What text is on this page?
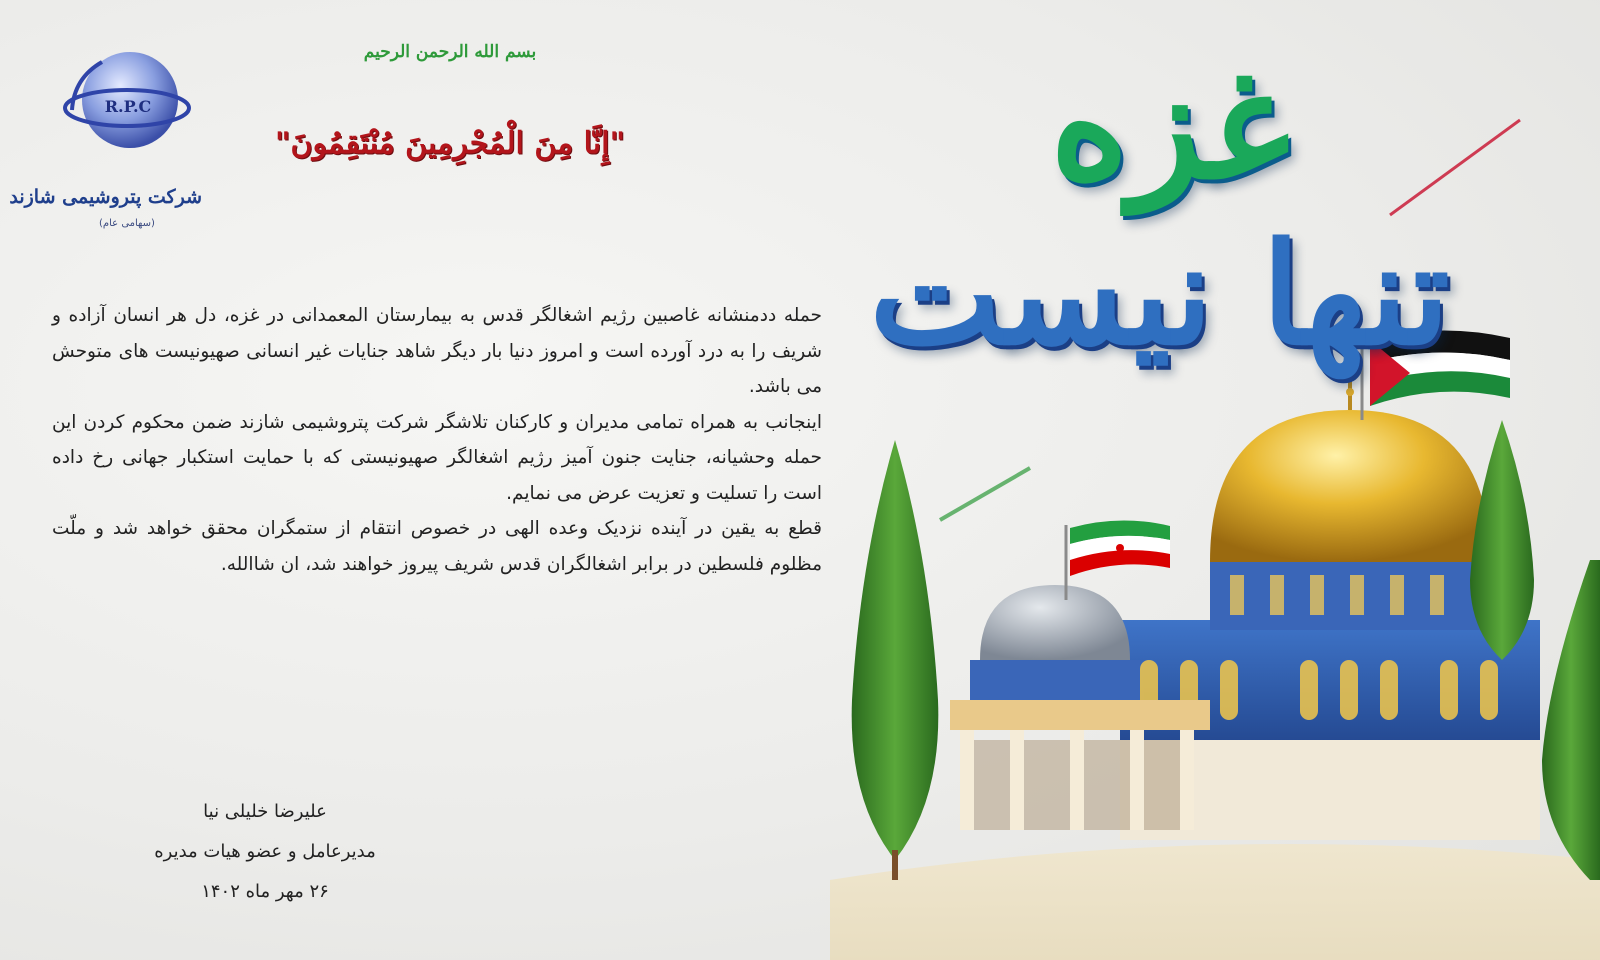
R.P.C
شرکت پتروشیمی شازند
(سهامی عام)
بسم الله الرحمن الرحیم
"إِنَّا مِنَ الْمُجْرِمِينَ مُنْتَقِمُونَ"

حمله ددمنشانه غاصبین رژیم اشغالگر قدس به بیمارستان المعمدانی در غزه، دل هر انسان آزاده و شریف را به درد آورده است و امروز دنیا بار دیگر شاهد جنایات غیر انسانی صهیونیست های متوحش می باشد.

اینجانب به همراه تمامی مدیران و کارکنان تلاشگر شرکت پتروشیمی شازند ضمن محکوم کردن این حمله وحشیانه، جنایت جنون آمیز رژیم اشغالگر صهیونیستی که با حمایت استکبار جهانی رخ داده است را تسلیت و تعزیت عرض می نمایم.

قطع به یقین در آینده نزدیک وعده الهی در خصوص انتقام از ستمگران محقق خواهد شد و ملّت مظلوم فلسطین در برابر اشغالگران قدس شریف پیروز خواهند شد، ان شاالله.

علیرضا خلیلی نیا
مدیرعامل و عضو هیات مدیره
۲۶ مهر ماه ۱۴۰۲
غزه
تنها نیست
